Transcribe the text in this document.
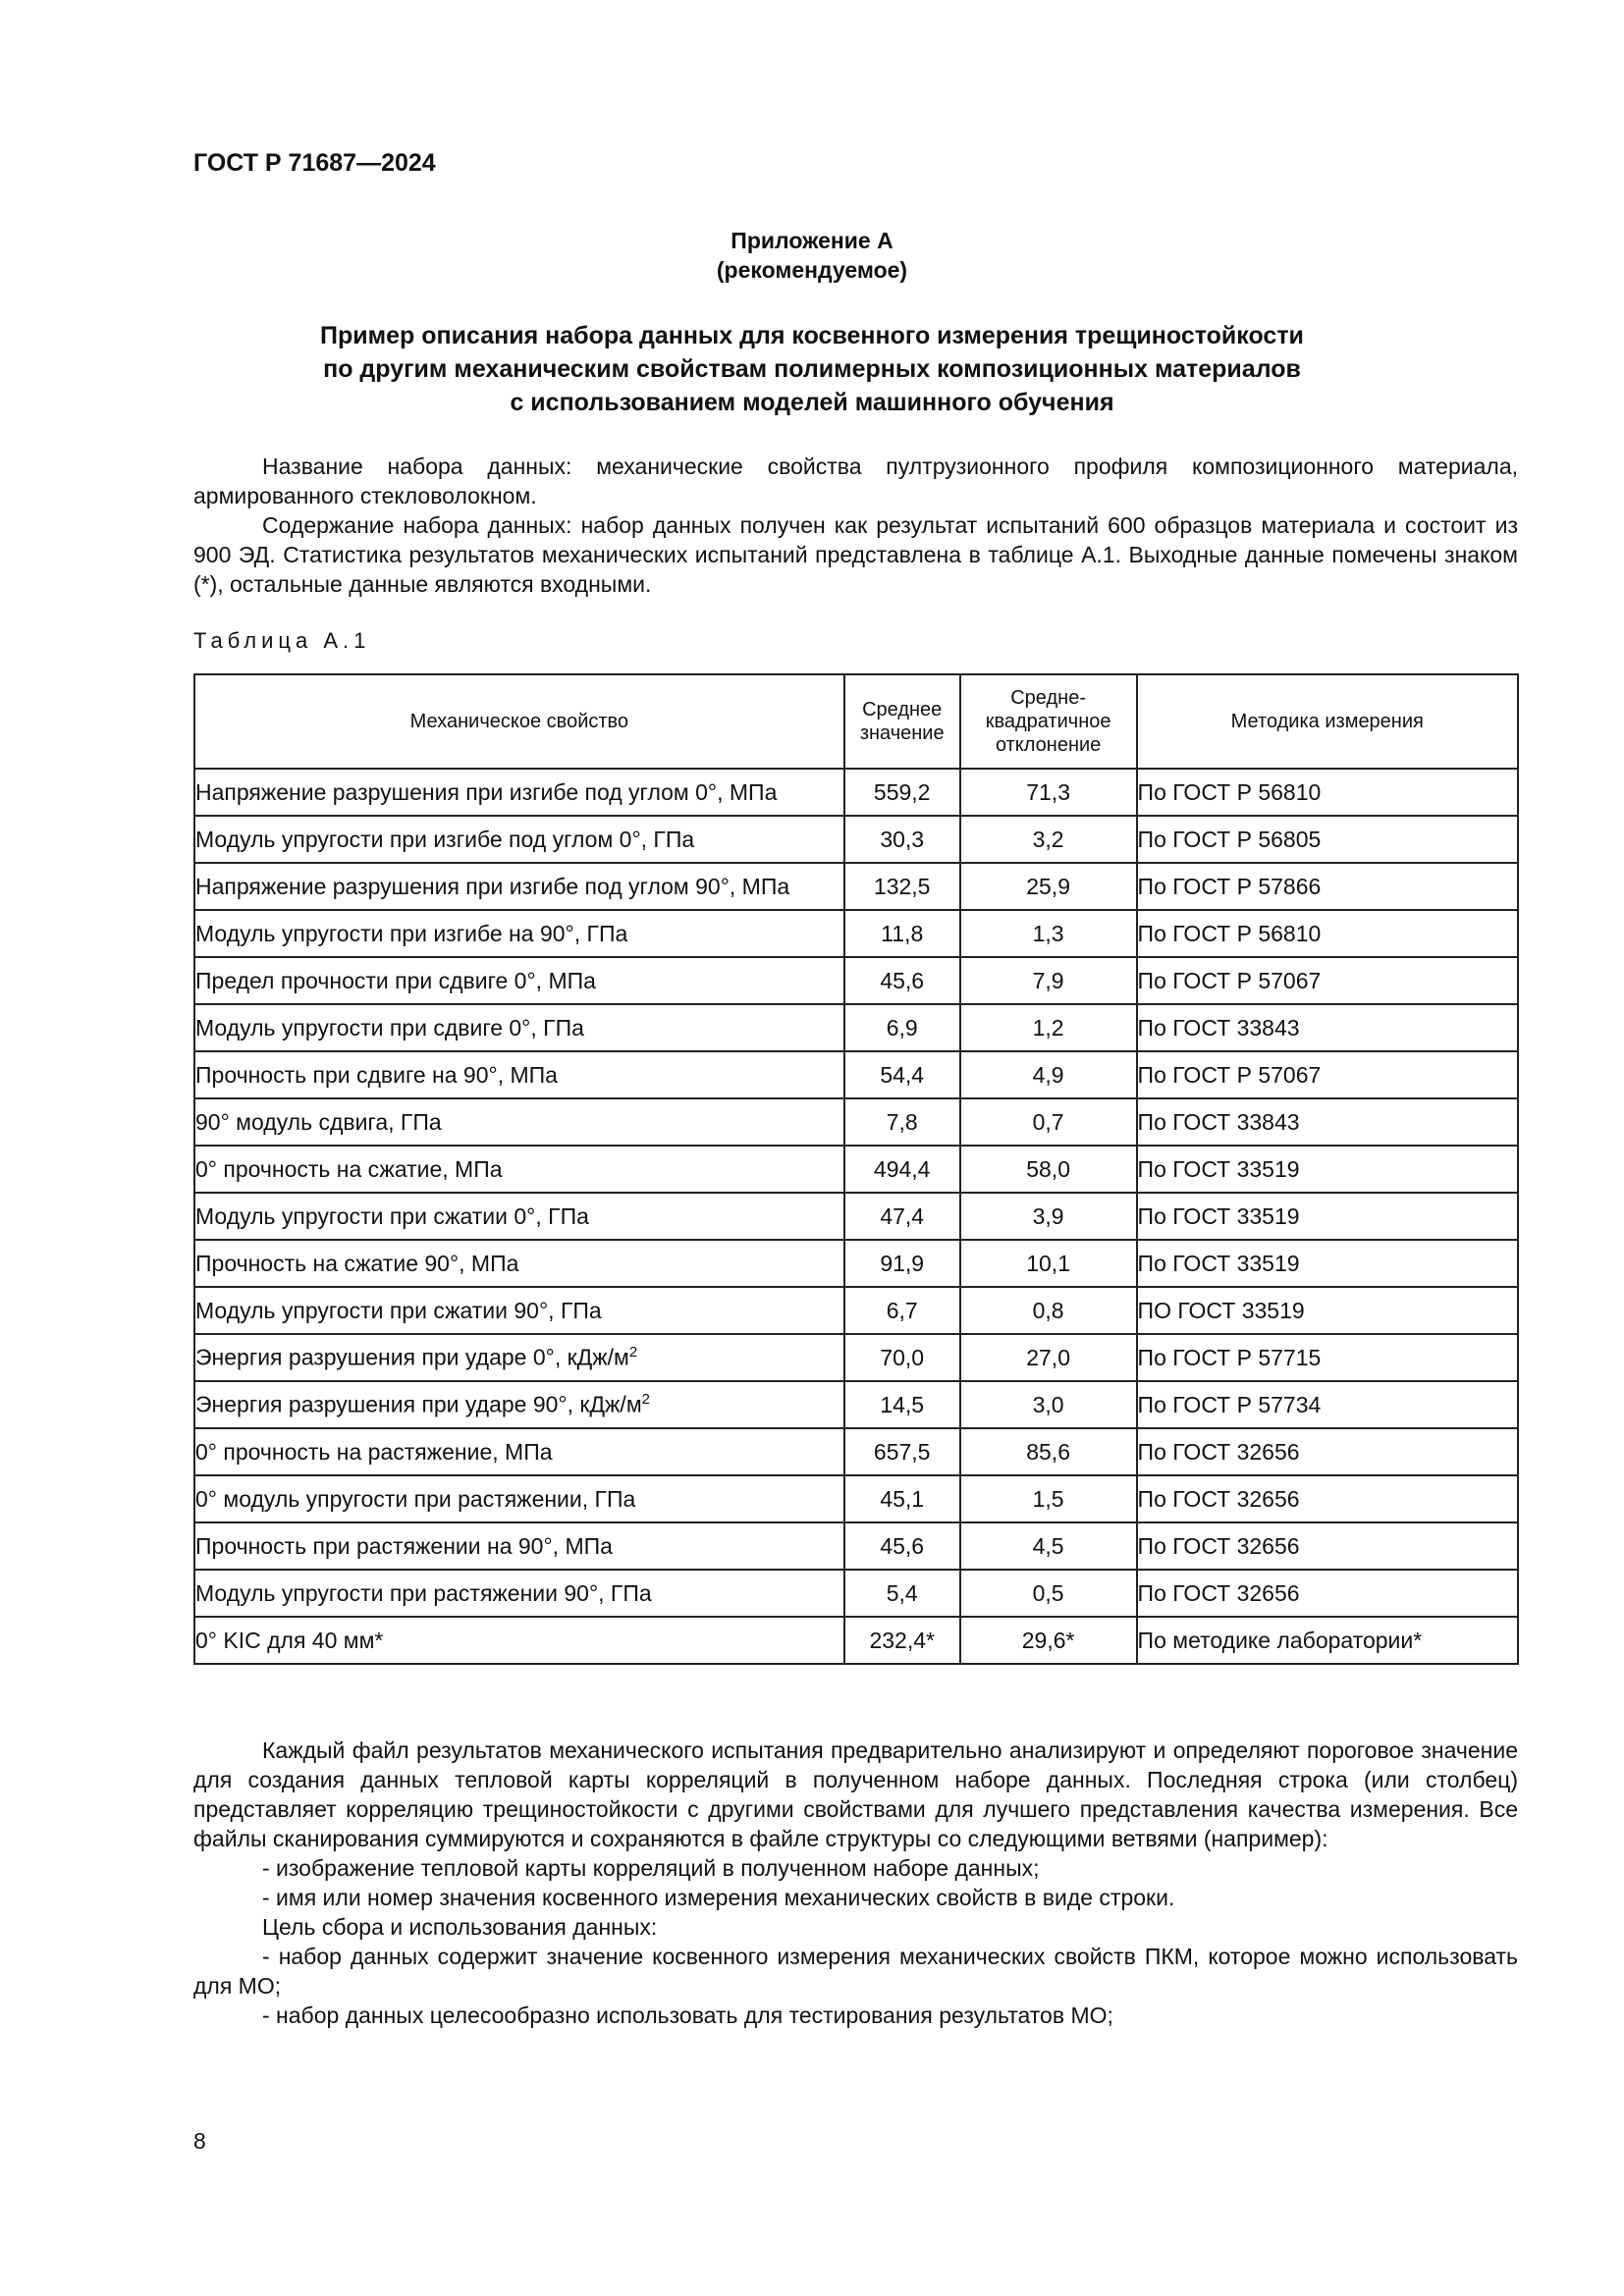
ГОСТ Р 71687—2024
Приложение А
(рекомендуемое)
Пример описания набора данных для косвенного измерения трещиностойкости
по другим механическим свойствам полимерных композиционных материалов
с использованием моделей машинного обучения

Название набора данных: механические свойства пултрузионного профиля композиционного материала, армированного стекловолокном.

Содержание набора данных: набор данных получен как результат испытаний 600 образцов материала и состоит из 900 ЭД. Статистика результатов механических испытаний представлена в таблице А.1. Выходные данные помечены знаком (*), остальные данные являются входными.

Таблица А.1
Механическое свойство	Среднее значение	Средне-квадратичное отклонение	Методика измерения
Напряжение разрушения при изгибе под углом 0°, МПа	559,2	71,3	По ГОСТ Р 56810
Модуль упругости при изгибе под углом 0°, ГПа	30,3	3,2	По ГОСТ Р 56805
Напряжение разрушения при изгибе под углом 90°, МПа	132,5	25,9	По ГОСТ Р 57866
Модуль упругости при изгибе на 90°, ГПа	11,8	1,3	По ГОСТ Р 56810
Предел прочности при сдвиге 0°, МПа	45,6	7,9	По ГОСТ Р 57067
Модуль упругости при сдвиге 0°, ГПа	6,9	1,2	По ГОСТ 33843
Прочность при сдвиге на 90°, МПа	54,4	4,9	По ГОСТ Р 57067
90° модуль сдвига, ГПа	7,8	0,7	По ГОСТ 33843
0° прочность на сжатие, МПа	494,4	58,0	По ГОСТ 33519
Модуль упругости при сжатии 0°, ГПа	47,4	3,9	По ГОСТ 33519
Прочность на сжатие 90°, МПа	91,9	10,1	По ГОСТ 33519
Модуль упругости при сжатии 90°, ГПа	6,7	0,8	ПО ГОСТ 33519
Энергия разрушения при ударе 0°, кДж/$м^2$	70,0	27,0	По ГОСТ Р 57715
Энергия разрушения при ударе 90°, кДж/$м^2$	14,5	3,0	По ГОСТ Р 57734
0° прочность на растяжение, МПа	657,5	85,6	По ГОСТ 32656
0° модуль упругости при растяжении, ГПа	45,1	1,5	По ГОСТ 32656
Прочность при растяжении на 90°, МПа	45,6	4,5	По ГОСТ 32656
Модуль упругости при растяжении 90°, ГПа	5,4	0,5	По ГОСТ 32656
0° KIC для 40 мм*	232,4*	29,6*	По методике лаборатории*

Каждый файл результатов механического испытания предварительно анализируют и определяют пороговое значение для создания данных тепловой карты корреляций в полученном наборе данных. Последняя строка (или столбец) представляет корреляцию трещиностойкости с другими свойствами для лучшего представления качества измерения. Все файлы сканирования суммируются и сохраняются в файле структуры со следующими ветвями (например):

- изображение тепловой карты корреляций в полученном наборе данных;

- имя или номер значения косвенного измерения механических свойств в виде строки.

Цель сбора и использования данных:

- набор данных содержит значение косвенного измерения механических свойств ПКМ, которое можно использовать для МО;

- набор данных целесообразно использовать для тестирования результатов МО;

8
